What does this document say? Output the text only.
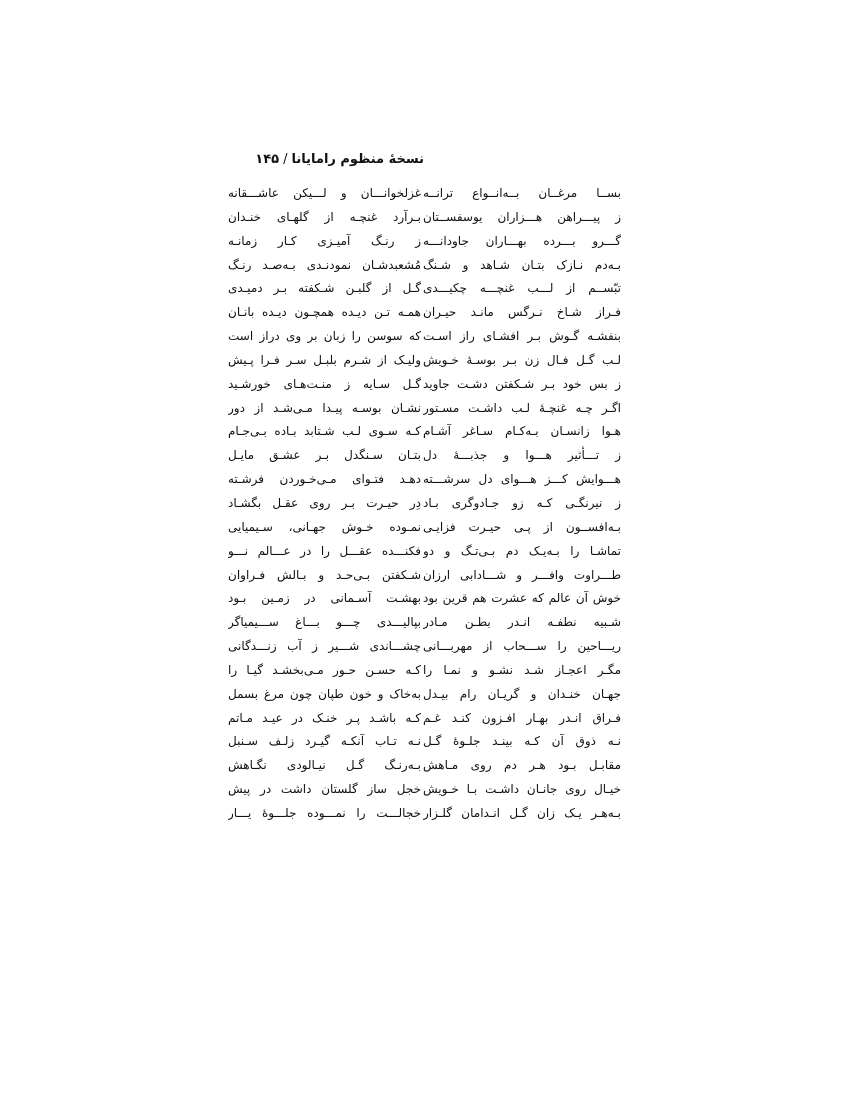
نسخهٔ منظوم رامایانا/۱۴۵
بســا مرغــان بــه‌انــواع ترانــه
ز پیـــراهن هـــزاران یوسفســتان
گـــرو بـــرده بهـــاران جاودانـــه
بـه‌دم نـازک بتـان شـاهد و شـنگ
تبّســم از لـــب غنچـــه چکیـــدی
فـراز شـاخ نـرگس مانـد حیـران
بنفشـه گـوش بـر افشـای راز اسـت
لـب گـل فـال زن بـر بوسـهٔ خـویش
ز بس خود بـر شـکفتن دشـت جاوید
اگـر چـه غنچـهٔ لـب داشـت مسـتور
هـوا زانسـان بـه‌کـام سـاغر آشـام
ز تـــأثیر هـــوا و جذبـــهٔ دل
هـــوایش کـــز هـــوای دل سرشـــته
ز نیرنگـی کـه زو جـادوگری بـاد
بـه‌افســون از پـی حیـرت فزایـی
تماشـا را بـه‌یـک دم بـی‌تـگ و دو
طـــراوت وافـــر و شـــادابی ارزان
خوش آن عالم که عشرت هم قرین بود
شـبیه نطفـه انـدر بطـن مـادر
ریـــاحین را ســـحاب از مهربـــانی
مگـر اعجـاز شـد نشـو و نمـا را
جهـان خنـدان و گریـان رام بیـدل
فـراق انـدر بهـار افـزون کنـد غـم
نـه ذوق آن کـه بینـد جلـوهٔ گـل
مقابـل بـود هـر دم روی مـاهش
خیـال روی جانـان داشـت بـا خـویش
بـه‌هـر یـک زان گـل انـدامان گلـزار
غزلخوانـــان و لـــیکن عاشـــقانه
بـرآرد غنچـه از گلهـای خنـدان
ز رنـگ آمیـزی کـار زمانـه
مُشعبدشـان نمودنـدی بـه‌صـد رنـگ
گـل از گلبـن شـکفته بـر دمیـدی
همـه تـن دیـده همچـون دیـده بانـان
که سوسن را زبان بر وی دراز است
ولیـک از شـرم بلبـل سـر فـرا پـیش
گـل سـایه ز منـت‌هـای خورشـید
نشـان بوسـه پیـدا مـی‌شـد از دور
کـه سـوی لـب شـتابد بـاده بـی‌جـام
بتـان سـنگدل بـر عشـق مایـل
دهـد فتـوای مـی‌خـوردن فرشـته
دِر حیـرت بـر روی عقـل بگشـاد
نمـوده خـوش جهـانی، سـیمیایی
فکنـــده عقـــل را در عـــالم نـــو
شـکفتن بـی‌حـد و بـالش فـراوان
بهشـت آسـمانی در زمـین بـود
بپالیـــدی چـــو بـــاغ ســـیمیاگر
چشـــاندی شـــیر ز آب زنـــدگانی
کـه حسـن حـور مـی‌بخشـد گیـا را
به‌خاک و خون طپان چون مرغ بسمل
کـه باشـد پـر خنـک در عیـد مـاتم
نـه تـاب آنکـه گیـرد زلـف سـنبل
بـه‌رنـگ گـل نیـالودی نگـاهش
خجل ساز گلستان داشت در پیش
خجالـــت را نمـــوده جلـــوهٔ یـــار
